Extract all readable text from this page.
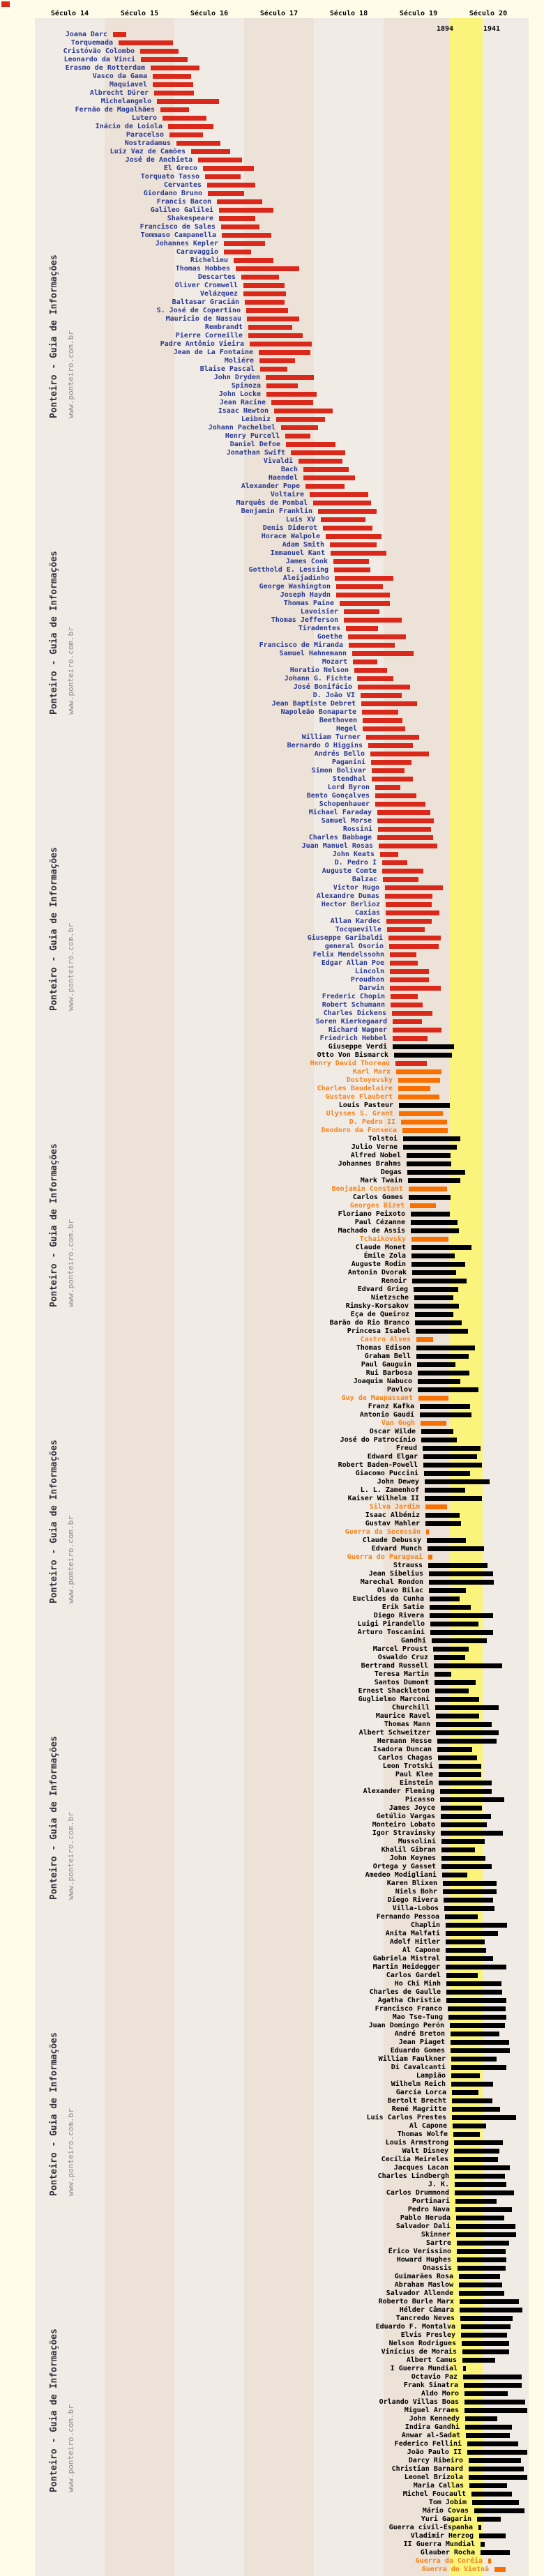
Século 14	Século 15	Século 16	Século 17	Século 18	Século 19	Século 20
1894	1941
Ponteiro - Guia de Informações www.ponteiro.com.br
Ponteiro - Guia de Informações www.ponteiro.com.br
Ponteiro - Guia de Informações www.ponteiro.com.br
Ponteiro - Guia de Informações www.ponteiro.com.br
Ponteiro - Guia de Informações www.ponteiro.com.br
Ponteiro - Guia de Informações www.ponteiro.com.br
Ponteiro - Guia de Informações www.ponteiro.com.br
Ponteiro - Guia de Informações www.ponteiro.com.br
Joana Darc
Torquemada
Cristóvão Colombo
Leonardo da Vinci
Erasmo de Rotterdam
Vasco da Gama
Maquiavel
Albrecht Dürer
Michelangelo
Fernão de Magalhães
Lutero
Inácio de Loiola
Paracelso
Nostradamus
Luíz Vaz de Camões
José de Anchieta
El Greco
Torquato Tasso
Cervantes
Giordano Bruno
Francis Bacon
Galileo Galilei
Shakespeare
Francisco de Sales
Tommaso Campanella
Johannes Kepler
Caravaggio
Richelieu
Thomas Hobbes
Descartes
Oliver Cromwell
Velázquez
Baltasar Gracián
S. José de Copertino
Mauricio de Nassau
Rembrandt
Pierre Corneille
Padre Antônio Vieira
Jean de La Fontaine
Moliére
Blaise Pascal
John Dryden
Spinoza
John Locke
Jean Racine
Isaac Newton
Leibniz
Johann Pachelbel
Henry Purcell
Daniel Defoe
Jonathan Swift
Vivaldi
Bach
Haendel
Alexander Pope
Voltaire
Marquês de Pombal
Benjamin Franklin
Luís XV
Denis Diderot
Horace Walpole
Adam Smith
Immanuel Kant
James Cook
Gotthold E. Lessing
Aleijadinho
George Washington
Joseph Haydn
Thomas Paine
Lavoisier
Thomas Jefferson
Tiradentes
Goethe
Francisco de Miranda
Samuel Hahnemann
Mozart
Horatio Nelson
Johann G. Fichte
José Bonifácio
D. João VI
Jean Baptiste Debret
Napoleão Bonaparte
Beethoven
Hegel
William Turner
Bernardo O Higgins
Andrés Bello
Paganini
Simon Bolívar
Stendhal
Lord Byron
Bento Gonçalves
Schopenhauer
Michael Faraday
Samuel Morse
Rossini
Charles Babbage
Juan Manuel Rosas
John Keats
D. Pedro I
Auguste Comte
Balzac
Victor Hugo
Alexandre Dumas
Hector Berlioz
Caxias
Allan Kardec
Tocqueville
Giuseppe Garibaldi
general Osorio
Felix Mendelssohn
Edgar Allan Poe
Lincoln
Proudhon
Darwin
Frederic Chopin
Robert Schumann
Charles Dickens
Soren Kierkegaard
Richard Wagner
Friedrich Hebbel
Giuseppe Verdi
Otto Von Bismarck
Henry David Thoreau
Karl Marx
Dostoyevsky
Charles Baudelaire
Gustave Flaubert
Louis Pasteur
Ulysses S. Grant
D. Pedro II
Deodoro da Fonseca
Tolstoi
Julio Verne
Alfred Nobel
Johannes Brahms
Degas
Mark Twain
Benjamin Constant
Carlos Gomes
Georges Bizet
Floriano Peixoto
Paul Cézanne
Machado de Assis
Tchaikovsky
Claude Monet
Émile Zola
Auguste Rodin
Antonin Dvorak
Renoir
Edvard Grieg
Nietzsche
Rimsky-Korsakov
Eça de Queiroz
Barão do Rio Branco
Princesa Isabel
Castro Alves
Thomas Edison
Graham Bell
Paul Gauguin
Rui Barbosa
Joaquim Nabuco
Pavlov
Guy de Maupassant
Franz Kafka
Antonio Gaudí
Van Gogh
Oscar Wilde
José do Patrocínio
Freud
Edward Elgar
Robert Baden-Powell
Giacomo Puccini
John Dewey
L. L. Zamenhof
Kaiser Wilhelm II
Silva Jardim
Isaac Albéniz
Gustav Mahler
Guerra da Secessão
Claude Debussy
Edvard Munch
Guerra do Paraguai
Strauss
Jean Sibelius
Marechal Rondon
Olavo Bilac
Euclides da Cunha
Erik Satie
Diego Rivera
Luigi Pirandello
Arturo Toscanini
Gandhi
Marcel Proust
Oswaldo Cruz
Bertrand Russell
Teresa Martin
Santos Dumont
Ernest Shackleton
Guglielmo Marconi
Churchill
Maurice Ravel
Thomas Mann
Albert Schweitzer
Hermann Hesse
Isadora Duncan
Carlos Chagas
Leon Trotski
Paul Klee
Einstein
Alexander Fleming
Picasso
James Joyce
Getúlio Vargas
Monteiro Lobato
Igor Stravinsky
Mussolini
Khalil Gibran
John Keynes
Ortega y Gasset
Amedeo Modigliani
Karen Blixen
Niels Bohr
Diego Rivera
Villa-Lobos
Fernando Pessoa
Chaplin
Anita Malfati
Adolf Hitler
Al Capone
Gabriela Mistral
Martin Heidegger
Carlos Gardel
Ho Chi Minh
Charles de Gaulle
Agatha Christie
Francisco Franco
Mao Tse-Tung
Juan Domingo Perón
André Breton
Jean Piaget
Eduardo Gomes
William Faulkner
Di Cavalcanti
Lampião
Wilhelm Reich
García Lorca
Bertolt Brecht
René Magritte
Luís Carlos Prestes
Al Capone
Thomas Wolfe
Louis Armstrong
Walt Disney
Cecília Meireles
Jacques Lacan
Charles Lindbergh
J. K.
Carlos Drummond
Portinari
Pedro Nava
Pablo Neruda
Salvador Dali
Skinner
Sartre
Érico Veríssino
Howard Hughes
Onassis
Guimarães Rosa
Abraham Maslow
Salvador Allende
Roberto Burle Marx
Hélder Câmara
Tancredo Neves
Eduardo F. Montalva
Elvis Presley
Nelson Rodrigues
Vinícius de Morais
Albert Camus
I Guerra Mundial
Octavio Paz
Frank Sinatra
Aldo Moro
Orlando Villas Boas
Miguel Arraes
John Kennedy
Indira Gandhi
Anwar al-Sadat
Federico Fellini
João Paulo II
Darcy Ribeiro
Christian Barnard
Leonel Brizola
Maria Callas
Michel Foucault
Tom Jobim
Mário Covas
Yuri Gagarin
Guerra civil-Espanha
Vladimir Herzog
II Guerra Mundial
Glauber Rocha
Guerra da Coréia
Guerra do Vietnã
